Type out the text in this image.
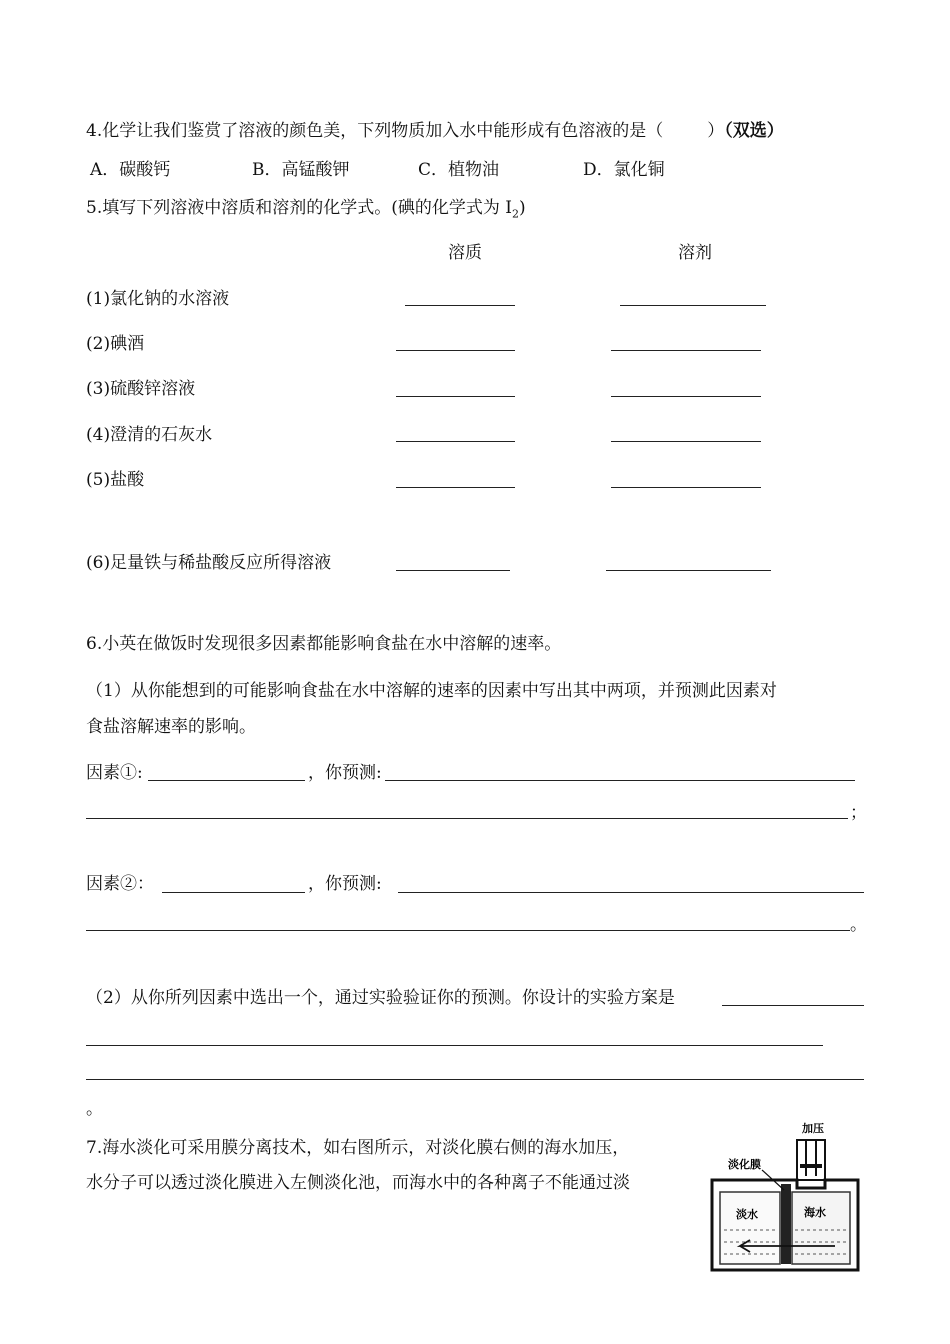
4.化学让我们鉴赏了溶液的颜色美，下列物质加入水中能形成有色溶液的是（	）（双选）
A．碳酸钙	B．高锰酸钾	C．植物油	D．氯化铜
5.填写下列溶液中溶质和溶剂的化学式。(碘的化学式为 $I_2$)
溶质	溶剂
(1)氯化钠的水溶液
(2)碘酒
(3)硫酸锌溶液
(4)澄清的石灰水
(5)盐酸
(6)足量铁与稀盐酸反应所得溶液
6.小英在做饭时发现很多因素都能影响食盐在水中溶解的速率。
（1）从你能想到的可能影响食盐在水中溶解的速率的因素中写出其中两项，并预测此因素对
食盐溶解速率的影响。
因素①:	，你预测:
；
因素②：	，你预测:
。
（2）从你所列因素中选出一个，通过实验验证你的预测。你设计的实验方案是
。
7.海水淡化可采用膜分离技术，如右图所示，对淡化膜右侧的海水加压，
水分子可以透过淡化膜进入左侧淡化池，而海水中的各种离子不能通过淡
加压
淡化膜
淡水	海水
